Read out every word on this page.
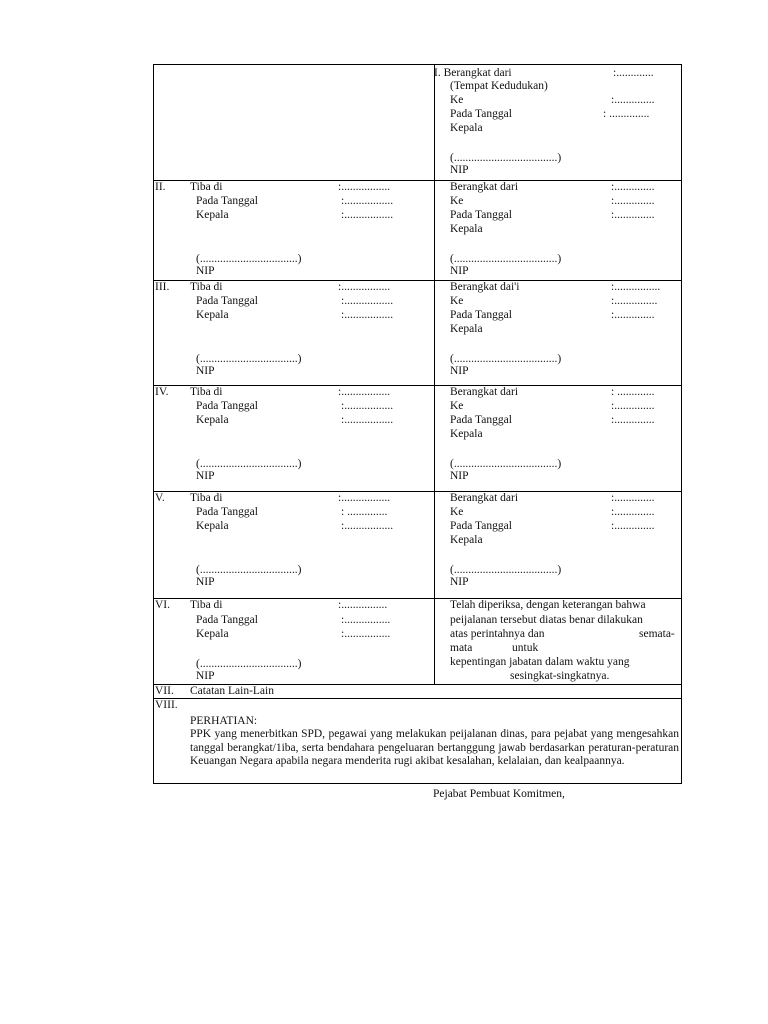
I. Berangkat dari	:.............
(Tempat Kedudukan)
Ke	:..............
Pada Tanggal	: ..............
Kepala
(....................................)
NIP
II. Tiba di	:.................
Pada Tanggal	:.................
Kepala	:.................
(..................................)
NIP
Berangkat dari	:..............
Ke	:..............
Pada Tanggal	:..............
Kepala
(....................................)
NIP
III. Tiba di	:.................
Pada Tanggal	:.................
Kepala	:.................
(..................................)
NIP
Berangkat dai'i	:................
Ke	:...............
Pada Tanggal	:..............
Kepala
(....................................)
NIP
IV. Tiba di	:.................
Pada Tanggal	:.................
Kepala	:.................
(..................................)
NIP
Berangkat dari	: .............
Ke	:..............
Pada Tanggal	:..............
Kepala
(....................................)
NIP
V. Tiba di	:.................
Pada Tanggal	: ..............
Kepala	:.................
(..................................)
NIP
Berangkat dari	:..............
Ke	:..............
Pada Tanggal	:..............
Kepala
(....................................)
NIP
VI. Tiba di	:................
Pada Tanggal	:................
Kepala	:................
(..................................)
NIP
Telah diperiksa, dengan keterangan bahwa
peijalanan tersebut diatas benar dilakukan
atas perintahnya dan	semata-
mata	untuk
kepentingan jabatan dalam waktu yang
sesingkat-singkatnya.
VII. Catatan Lain-Lain
VIII.
PERHATIAN:
PPK yang menerbitkan SPD, pegawai yang melakukan peijalanan dinas, para pejabat yang mengesahkan tanggal berangkat/1iba, serta bendahara pengeluaran bertanggung jawab berdasarkan peraturan-peraturan Keuangan Negara apabila negara menderita rugi akibat kesalahan, kelalaian, dan kealpaannya.
Pejabat Pembuat Komitmen,
